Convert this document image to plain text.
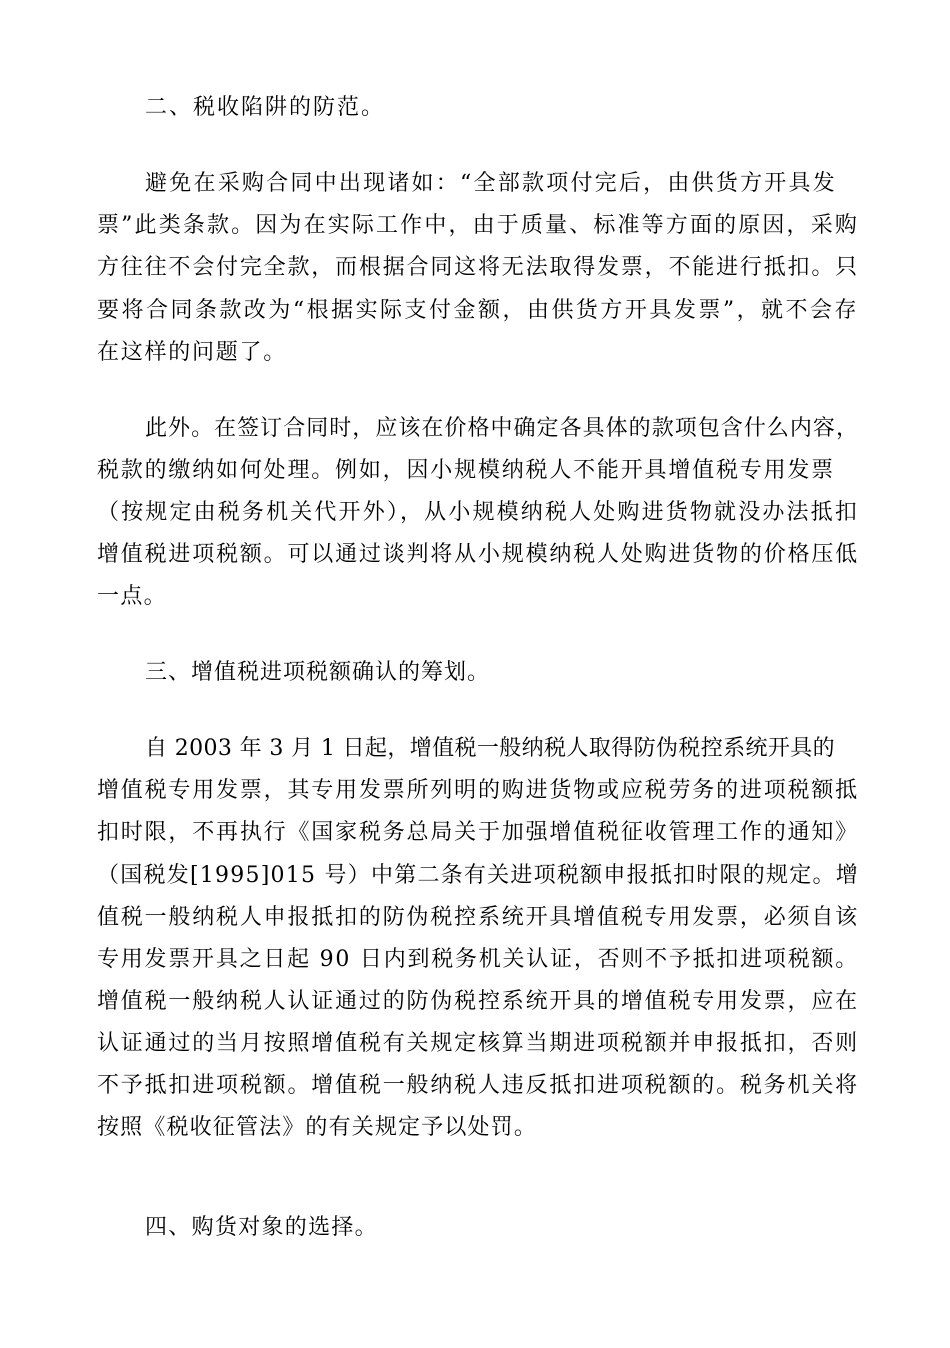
二、税收陷阱的防范。

避免在采购合同中出现诸如：“全部款项付完后，由供货方开具发

票”此类条款。因为在实际工作中，由于质量、标准等方面的原因，采购

方往往不会付完全款，而根据合同这将无法取得发票，不能进行抵扣。只

要将合同条款改为“根据实际支付金额，由供货方开具发票”，就不会存

在这样的问题了。

此外。在签订合同时，应该在价格中确定各具体的款项包含什么内容，

税款的缴纳如何处理。例如，因小规模纳税人不能开具增值税专用发票

（按规定由税务机关代开外），从小规模纳税人处购进货物就没办法抵扣

增值税进项税额。可以通过谈判将从小规模纳税人处购进货物的价格压低

一点。

三、增值税进项税额确认的筹划。

自 2003 年 3 月 1 日起，增值税一般纳税人取得防伪税控系统开具的

增值税专用发票，其专用发票所列明的购进货物或应税劳务的进项税额抵

扣时限，不再执行《国家税务总局关于加强增值税征收管理工作的通知》

（国税发[1995]015 号）中第二条有关进项税额申报抵扣时限的规定。增

值税一般纳税人申报抵扣的防伪税控系统开具增值税专用发票，必须自该

专用发票开具之日起 90 日内到税务机关认证，否则不予抵扣进项税额。

增值税一般纳税人认证通过的防伪税控系统开具的增值税专用发票，应在

认证通过的当月按照增值税有关规定核算当期进项税额并申报抵扣，否则

不予抵扣进项税额。增值税一般纳税人违反抵扣进项税额的。税务机关将

按照《税收征管法》的有关规定予以处罚。

四、购货对象的选择。
